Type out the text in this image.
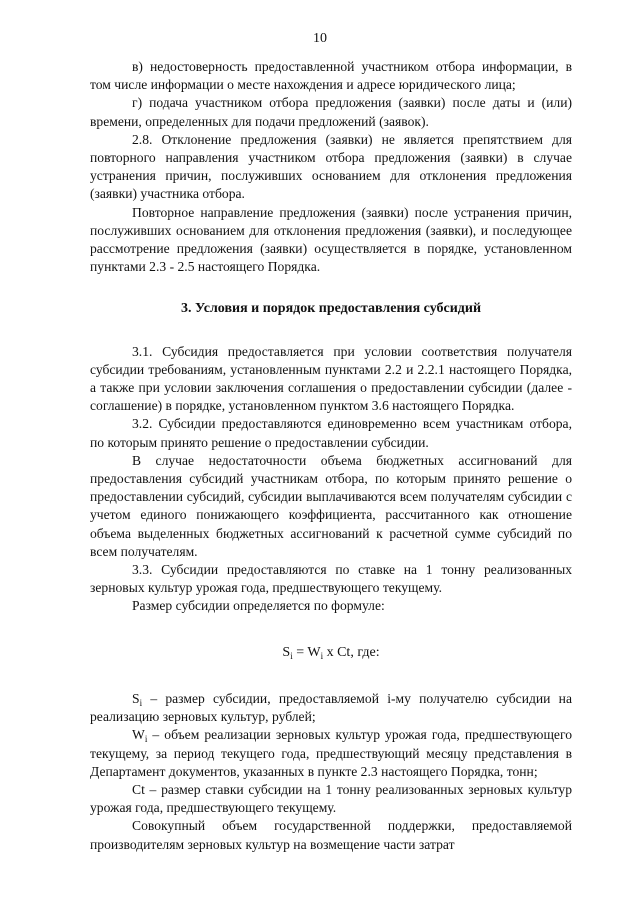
10

в) недостоверность предоставленной участником отбора информации, в том числе информации о месте нахождения и адресе юридического лица;

г) подача участником отбора предложения (заявки) после даты и (или) времени, определенных для подачи предложений (заявок).

2.8. Отклонение предложения (заявки) не является препятствием для повторного направления участником отбора предложения (заявки) в случае устранения причин, послуживших основанием для отклонения предложения (заявки) участника отбора.

Повторное направление предложения (заявки) после устранения причин, послуживших основанием для отклонения предложения (заявки), и последующее рассмотрение предложения (заявки) осуществляется в порядке, установленном пунктами 2.3 - 2.5 настоящего Порядка.

3. Условия и порядок предоставления субсидий

3.1. Субсидия предоставляется при условии соответствия получателя субсидии требованиям, установленным пунктами 2.2 и 2.2.1 настоящего Порядка, а также при условии заключения соглашения о предоставлении субсидии (далее - соглашение) в порядке, установленном пунктом 3.6 настоящего Порядка.

3.2. Субсидии предоставляются единовременно всем участникам отбора, по которым принято решение о предоставлении субсидии.

В случае недостаточности объема бюджетных ассигнований для предоставления субсидий участникам отбора, по которым принято решение о предоставлении субсидий, субсидии выплачиваются всем получателям субсидии с учетом единого понижающего коэффициента, рассчитанного как отношение объема выделенных бюджетных ассигнований к расчетной сумме субсидий по всем получателям.

3.3. Субсидии предоставляются по ставке на 1 тонну реализованных зерновых культур урожая года, предшествующего текущему.

Размер субсидии определяется по формуле:

$S_i = W_i$ x Ct, где:

$S_i$ – размер субсидии, предоставляемой i-му получателю субсидии на реализацию зерновых культур, рублей;

$W_i$ – объем реализации зерновых культур урожая года, предшествующего текущему, за период текущего года, предшествующий месяцу представления в Департамент документов, указанных в пункте 2.3 настоящего Порядка, тонн;

Ct – размер ставки субсидии на 1 тонну реализованных зерновых культур урожая года, предшествующего текущему.

Совокупный объем государственной поддержки, предоставляемой производителям зерновых культур на возмещение части затрат
